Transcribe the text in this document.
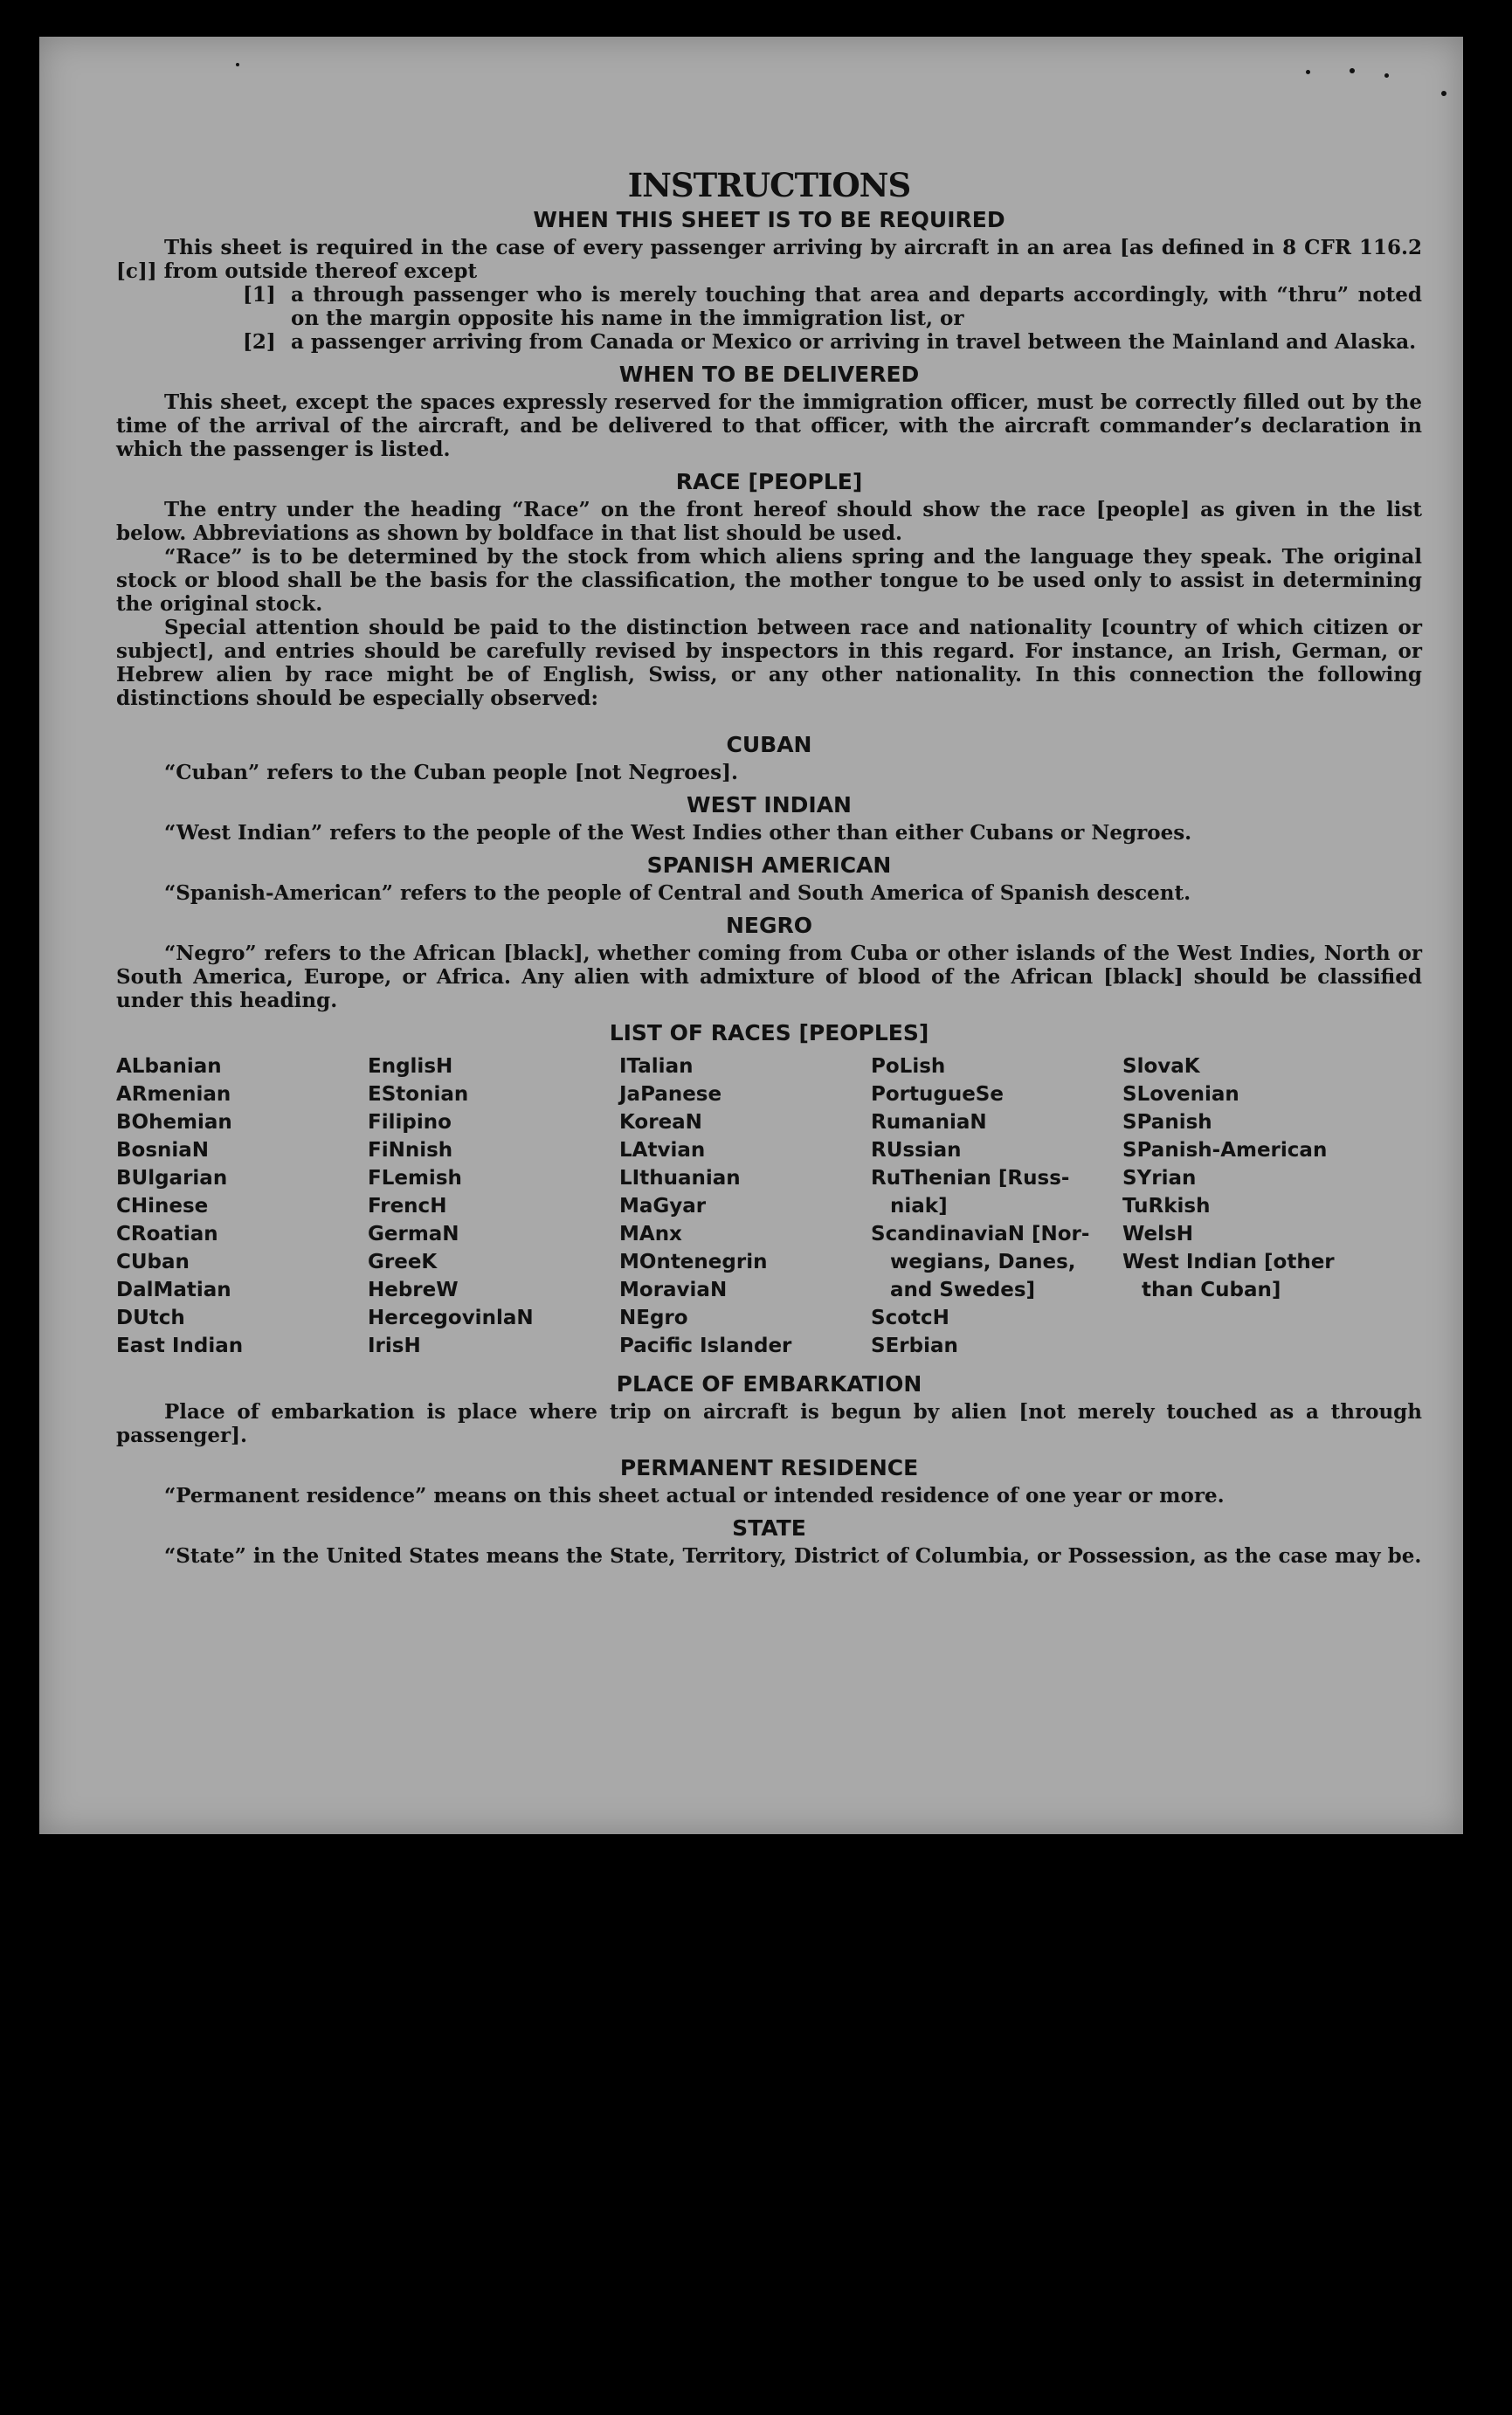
INSTRUCTIONS
WHEN THIS SHEET IS TO BE REQUIRED

This sheet is required in the case of every passenger arriving by aircraft in an area [as defined in 8 CFR 116.2 [c]] from outside thereof except

[1] a through passenger who is merely touching that area and departs accordingly, with “thru” noted on the margin opposite his name in the immigration list, or
[2] a passenger arriving from Canada or Mexico or arriving in travel between the Mainland and Alaska.
WHEN TO BE DELIVERED

This sheet, except the spaces expressly reserved for the immigration officer, must be correctly filled out by the time of the arrival of the aircraft, and be delivered to that officer, with the aircraft commander’s declaration in which the passenger is listed.

RACE [PEOPLE]

The entry under the heading “Race” on the front hereof should show the race [people] as given in the list below. Abbreviations as shown by boldface in that list should be used.

“Race” is to be determined by the stock from which aliens spring and the language they speak. The original stock or blood shall be the basis for the classification, the mother tongue to be used only to assist in determining the original stock.

Special attention should be paid to the distinction between race and nationality [country of which citizen or subject], and entries should be carefully revised by inspectors in this regard. For instance, an Irish, German, or Hebrew alien by race might be of English, Swiss, or any other nationality. In this connection the following distinctions should be especially observed:

CUBAN

“Cuban” refers to the Cuban people [not Negroes].

WEST INDIAN

“West Indian” refers to the people of the West Indies other than either Cubans or Negroes.

SPANISH AMERICAN

“Spanish-American” refers to the people of Central and South America of Spanish descent.

NEGRO

“Negro” refers to the African [black], whether coming from Cuba or other islands of the West Indies, North or South America, Europe, or Africa. Any alien with admixture of blood of the African [black] should be classified under this heading.

LIST OF RACES [PEOPLES]
ALbanian
ARmenian
BOhemian
BosniaN
BUlgarian
CHinese
CRoatian
CUban
DalMatian
DUtch
East Indian
EnglisH
EStonian
Filipino
FiNnish
FLemish
FrencH
GermaN
GreeK
HebreW
HercegovinlaN
IrisH
ITalian
JaPanese
KoreaN
LAtvian
LIthuanian
MaGyar
MAnx
MOntenegrin
MoraviaN
NEgro
Pacific Islander
PoLish
PortugueSe
RumaniaN
RUssian
RuThenian [Russ-
niak]
ScandinaviaN [Nor-
wegians, Danes,
and Swedes]
ScotcH
SErbian
SlovaK
SLovenian
SPanish
SPanish-American
SYrian
TuRkish
WelsH
West Indian [other
than Cuban]
PLACE OF EMBARKATION

Place of embarkation is place where trip on aircraft is begun by alien [not merely touched as a through passenger].

PERMANENT RESIDENCE

“Permanent residence” means on this sheet actual or intended residence of one year or more.

STATE

“State” in the United States means the State, Territory, District of Columbia, or Possession, as the case may be.
